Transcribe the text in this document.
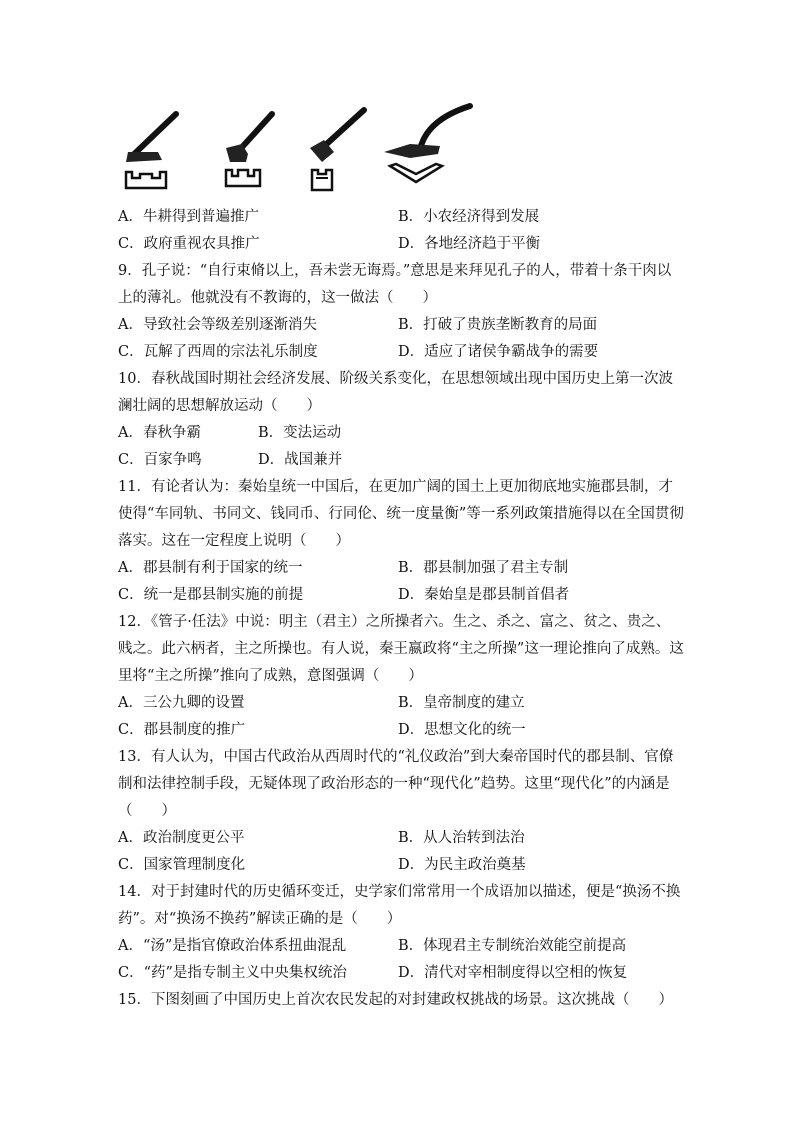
A．牛耕得到普遍推广	B．小农经济得到发展
C．政府重视农具推广	D．各地经济趋于平衡
9．孔子说：“自行束脩以上，吾未尝无诲焉。”意思是来拜见孔子的人，带着十条干肉以上的薄礼。他就没有不教诲的，这一做法（　　）
A．导致社会等级差别逐渐消失	B．打破了贵族垄断教育的局面
C．瓦解了西周的宗法礼乐制度	D．适应了诸侯争霸战争的需要
10．春秋战国时期社会经济发展、阶级关系变化，在思想领域出现中国历史上第一次波澜壮阔的思想解放运动（　　）
A．春秋争霸	B．变法运动
C．百家争鸣	D．战国兼并
11．有论者认为：秦始皇统一中国后，在更加广阔的国土上更加彻底地实施郡县制，才使得“车同轨、书同文、钱同币、行同伦、统一度量衡”等一系列政策措施得以在全国贯彻落实。这在一定程度上说明（　　）
A．郡县制有利于国家的统一	B．郡县制加强了君主专制
C．统一是郡县制实施的前提	D．秦始皇是郡县制首倡者
12．《管子·任法》中说：明主（君主）之所操者六。生之、杀之、富之、贫之、贵之、贱之。此六柄者，主之所操也。有人说，秦王嬴政将“主之所操”这一理论推向了成熟。这里将“主之所操”推向了成熟，意图强调（　　）
A．三公九卿的设置	B．皇帝制度的建立
C．郡县制度的推广	D．思想文化的统一
13．有人认为，中国古代政治从西周时代的“礼仪政治”到大秦帝国时代的郡县制、官僚制和法律控制手段，无疑体现了政治形态的一种“现代化”趋势。这里“现代化”的内涵是（　　）
A．政治制度更公平	B．从人治转到法治
C．国家管理制度化	D．为民主政治奠基
14．对于封建时代的历史循环变迁，史学家们常常用一个成语加以描述，便是“换汤不换药”。对“换汤不换药”解读正确的是（　　）
A．“汤”是指官僚政治体系扭曲混乱	B．体现君主专制统治效能空前提高
C．“药”是指专制主义中央集权统治	D．清代对宰相制度得以空相的恢复
15．下图刻画了中国历史上首次农民发起的对封建政权挑战的场景。这次挑战（　　）
